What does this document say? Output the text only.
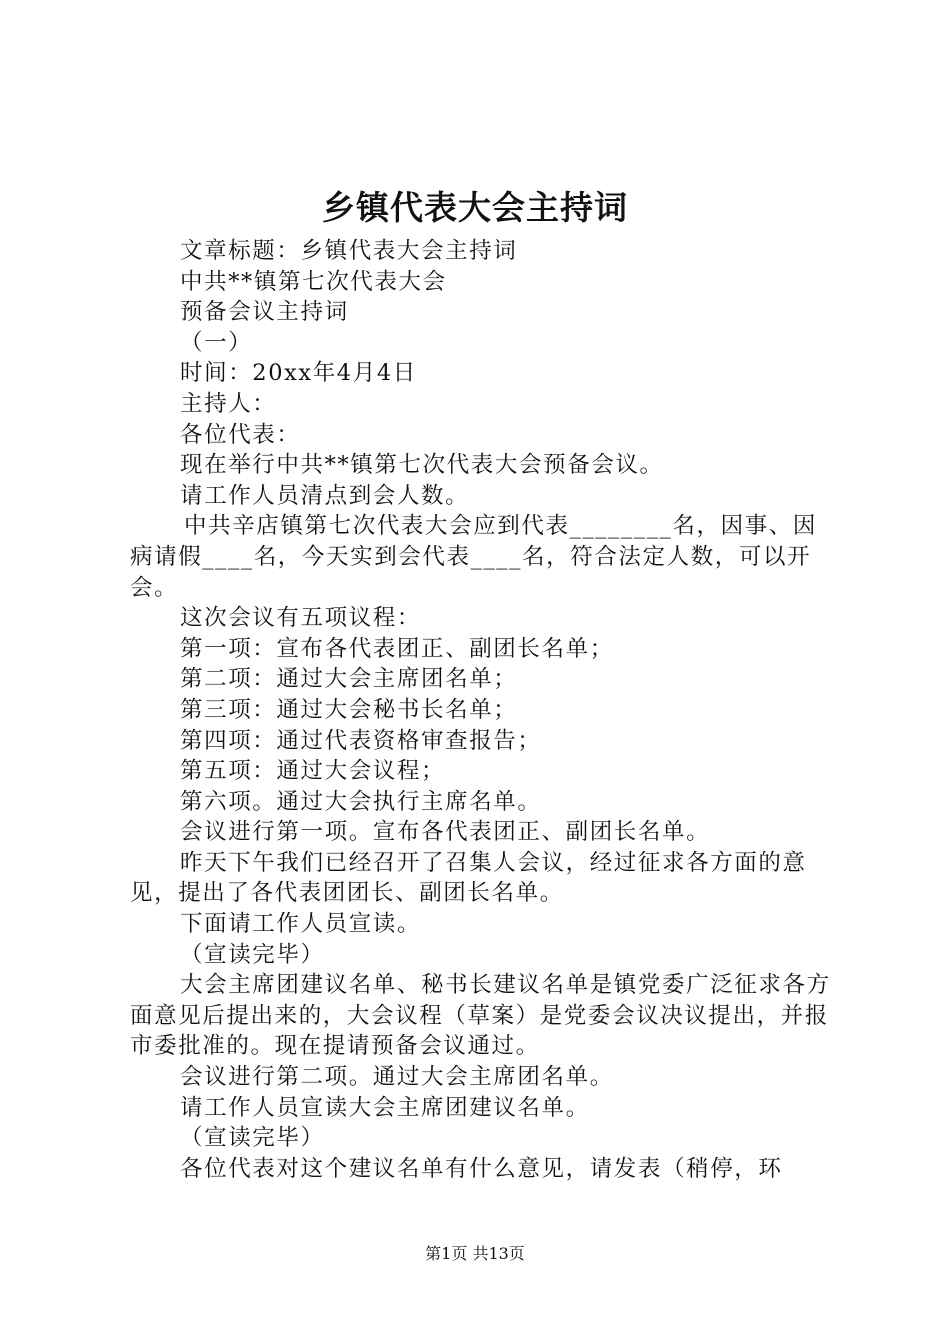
乡镇代表大会主持词

文章标题：乡镇代表大会主持词

中共**镇第七次代表大会

预备会议主持词

（一）

时间：20xx年4月4日

主持人：

各位代表：

现在举行中共**镇第七次代表大会预备会议。

请工作人员清点到会人数。

中共辛店镇第七次代表大会应到代表________名，因事、因病请假____名，今天实到会代表____名，符合法定人数，可以开会。

这次会议有五项议程：

第一项：宣布各代表团正、副团长名单；

第二项：通过大会主席团名单；

第三项：通过大会秘书长名单；

第四项：通过代表资格审查报告；

第五项：通过大会议程；

第六项。通过大会执行主席名单。

会议进行第一项。宣布各代表团正、副团长名单。

昨天下午我们已经召开了召集人会议，经过征求各方面的意见，提出了各代表团团长、副团长名单。

下面请工作人员宣读。

（宣读完毕）

大会主席团建议名单、秘书长建议名单是镇党委广泛征求各方面意见后提出来的，大会议程（草案）是党委会议决议提出，并报市委批准的。现在提请预备会议通过。

会议进行第二项。通过大会主席团名单。

请工作人员宣读大会主席团建议名单。

（宣读完毕）

各位代表对这个建议名单有什么意见，请发表（稍停，环

第1页 共13页
